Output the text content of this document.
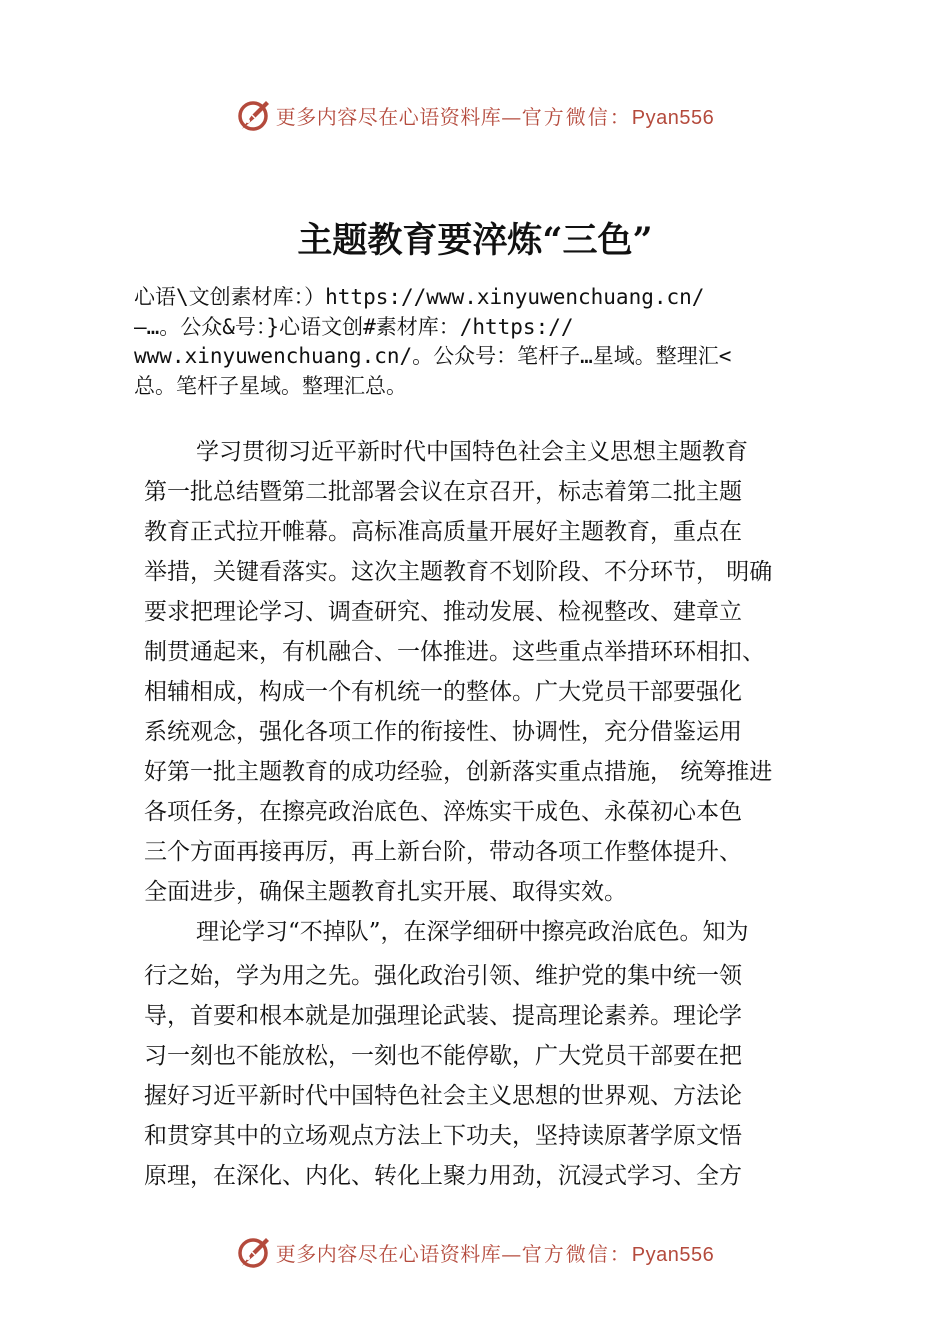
更多内容尽在心语资料库—官方微信：Pyan556
主题教育要淬炼“三色”
心语\文创素材库：）https://www.xinyuwenchuang.cn/
—…。公众&号：}心语文创#素材库：/https://
www.xinyuwenchuang.cn/。公众号：笔杆子…星域。整理汇<
总。笔杆子星域。整理汇总。
学习贯彻习近平新时代中国特色社会主义思想主题教育
第一批总结暨第二批部署会议在京召开，标志着第二批主题
教育正式拉开帷幕。高标准高质量开展好主题教育，重点在
举措，关键看落实。这次主题教育不划阶段、不分环节， 明确
要求把理论学习、调查研究、推动发展、检视整改、建章立
制贯通起来，有机融合、一体推进。这些重点举措环环相扣、
相辅相成，构成一个有机统一的整体。广大党员干部要强化
系统观念，强化各项工作的衔接性、协调性，充分借鉴运用
好第一批主题教育的成功经验，创新落实重点措施， 统筹推进
各项任务，在擦亮政治底色、淬炼实干成色、永葆初心本色
三个方面再接再厉，再上新台阶，带动各项工作整体提升、
全面进步，确保主题教育扎实开展、取得实效。
理论学习“不掉队”，在深学细研中擦亮政治底色。知为
行之始，学为用之先。强化政治引领、维护党的集中统一领
导，首要和根本就是加强理论武装、提高理论素养。理论学
习一刻也不能放松，一刻也不能停歇，广大党员干部要在把
握好习近平新时代中国特色社会主义思想的世界观、方法论
和贯穿其中的立场观点方法上下功夫，坚持读原著学原文悟
原理，在深化、内化、转化上聚力用劲，沉浸式学习、全方
更多内容尽在心语资料库—官方微信：Pyan556
